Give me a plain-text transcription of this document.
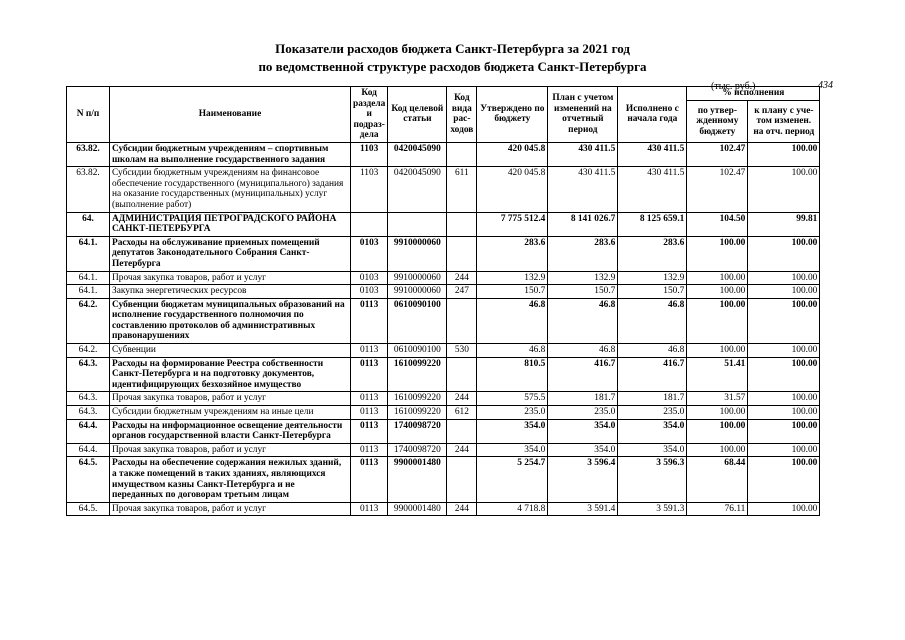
Показатели расходов бюджета Санкт-Петербурга за 2021 год
по ведомственной структуре расходов бюджета Санкт-Петербурга
(тыс. руб.)	434
N п/п	Наименование	Код раздела и подраз- дела	Код целевой статьи	Код вида рас- ходов	Утверждено по бюджету	План с учетом изменений на отчетный период	Исполнено с начала года	% исполнения	
								по утвер- жденному бюджету	к плану с уче- том изменен. на отч. период
63.82.	Субсидии бюджетным учреждениям – спортивным школам на выполнение государственного задания	1103	0420045090		420 045.8	430 411.5	430 411.5	102.47	100.00
63.82.	Субсидии бюджетным учреждениям на финансовое обеспечение государственного (муниципального) задания на оказание государственных (муниципальных) услуг (выполнение работ)	1103	0420045090	611	420 045.8	430 411.5	430 411.5	102.47	100.00
64.	АДМИНИСТРАЦИЯ ПЕТРОГРАДСКОГО РАЙОНА САНКТ-ПЕТЕРБУРГА				7 775 512.4	8 141 026.7	8 125 659.1	104.50	99.81
64.1.	Расходы на обслуживание приемных помещений депутатов Законодательного Собрания Санкт-Петербурга	0103	9910000060		283.6	283.6	283.6	100.00	100.00
64.1.	Прочая закупка товаров, работ и услуг	0103	9910000060	244	132.9	132.9	132.9	100.00	100.00
64.1.	Закупка энергетических ресурсов	0103	9910000060	247	150.7	150.7	150.7	100.00	100.00
64.2.	Субвенции бюджетам муниципальных образований на исполнение государственного полномочия по составлению протоколов об административных правонарушениях	0113	0610090100		46.8	46.8	46.8	100.00	100.00
64.2.	Субвенции	0113	0610090100	530	46.8	46.8	46.8	100.00	100.00
64.3.	Расходы на формирование Реестра собственности Санкт-Петербурга и на подготовку документов, идентифицирующих безхозяйное имущество	0113	1610099220		810.5	416.7	416.7	51.41	100.00
64.3.	Прочая закупка товаров, работ и услуг	0113	1610099220	244	575.5	181.7	181.7	31.57	100.00
64.3.	Субсидии бюджетным учреждениям на иные цели	0113	1610099220	612	235.0	235.0	235.0	100.00	100.00
64.4.	Расходы на информационное освещение деятельности органов государственной власти Санкт-Петербурга	0113	1740098720		354.0	354.0	354.0	100.00	100.00
64.4.	Прочая закупка товаров, работ и услуг	0113	1740098720	244	354.0	354.0	354.0	100.00	100.00
64.5.	Расходы на обеспечение содержания нежилых зданий, а также помещений в таких зданиях, являющихся имуществом казны Санкт-Петербурга и не переданных по договорам третьим лицам	0113	9900001480		5 254.7	3 596.4	3 596.3	68.44	100.00
64.5.	Прочая закупка товаров, работ и услуг	0113	9900001480	244	4 718.8	3 591.4	3 591.3	76.11	100.00
